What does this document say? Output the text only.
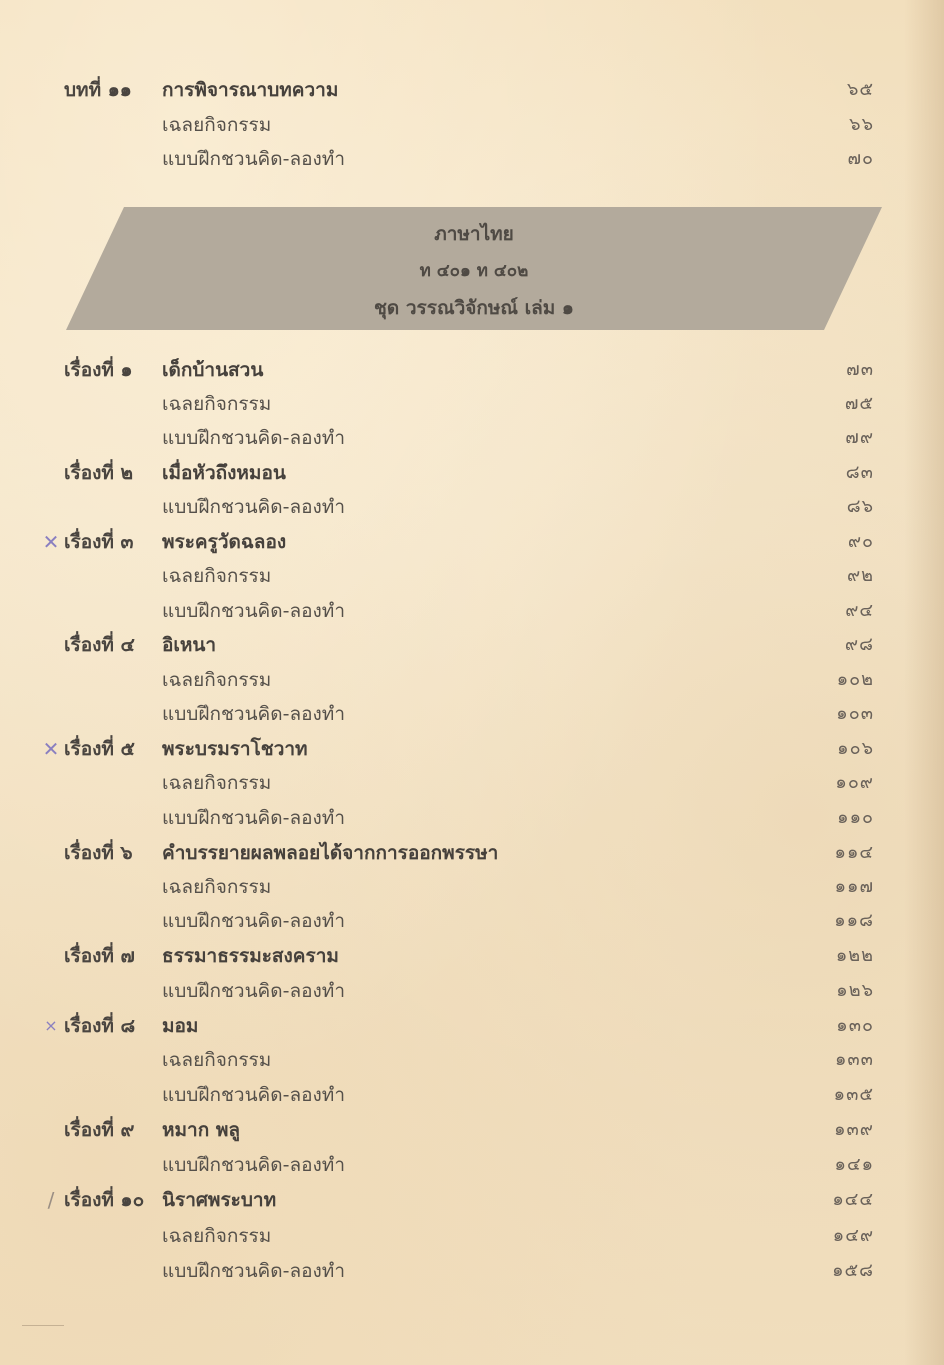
บทที่ ๑๑ การพิจารณาบทความ	๖๕
เฉลยกิจกรรม	๖๖
แบบฝึกชวนคิด-ลองทำ	๗๐
ภาษาไทย
ท ๔๐๑ ท ๔๐๒
ชุด วรรณวิจักษณ์ เล่ม ๑
เรื่องที่ ๑ เด็กบ้านสวน	๗๓
เฉลยกิจกรรม	๗๕
แบบฝึกชวนคิด-ลองทำ	๗๙
เรื่องที่ ๒ เมื่อหัวถึงหมอน	๘๓
แบบฝึกชวนคิด-ลองทำ	๘๖
✕ เรื่องที่ ๓ พระครูวัดฉลอง	๙๐
เฉลยกิจกรรม	๙๒
แบบฝึกชวนคิด-ลองทำ	๙๔
เรื่องที่ ๔ อิเหนา	๙๘
เฉลยกิจกรรม	๑๐๒
แบบฝึกชวนคิด-ลองทำ	๑๐๓
✕ เรื่องที่ ๕ พระบรมราโชวาท	๑๐๖
เฉลยกิจกรรม	๑๐๙
แบบฝึกชวนคิด-ลองทำ	๑๑๐
เรื่องที่ ๖ คำบรรยายผลพลอยได้จากการออกพรรษา	๑๑๔
เฉลยกิจกรรม	๑๑๗
แบบฝึกชวนคิด-ลองทำ	๑๑๘
เรื่องที่ ๗ ธรรมาธรรมะสงคราม	๑๒๒
แบบฝึกชวนคิด-ลองทำ	๑๒๖
× เรื่องที่ ๘ มอม	๑๓๐
เฉลยกิจกรรม	๑๓๓
แบบฝึกชวนคิด-ลองทำ	๑๓๕
เรื่องที่ ๙ หมาก พลู	๑๓๙
แบบฝึกชวนคิด-ลองทำ	๑๔๑
/ เรื่องที่ ๑๐ นิราศพระบาท	๑๔๔
เฉลยกิจกรรม	๑๔๙
แบบฝึกชวนคิด-ลองทำ	๑๕๘
